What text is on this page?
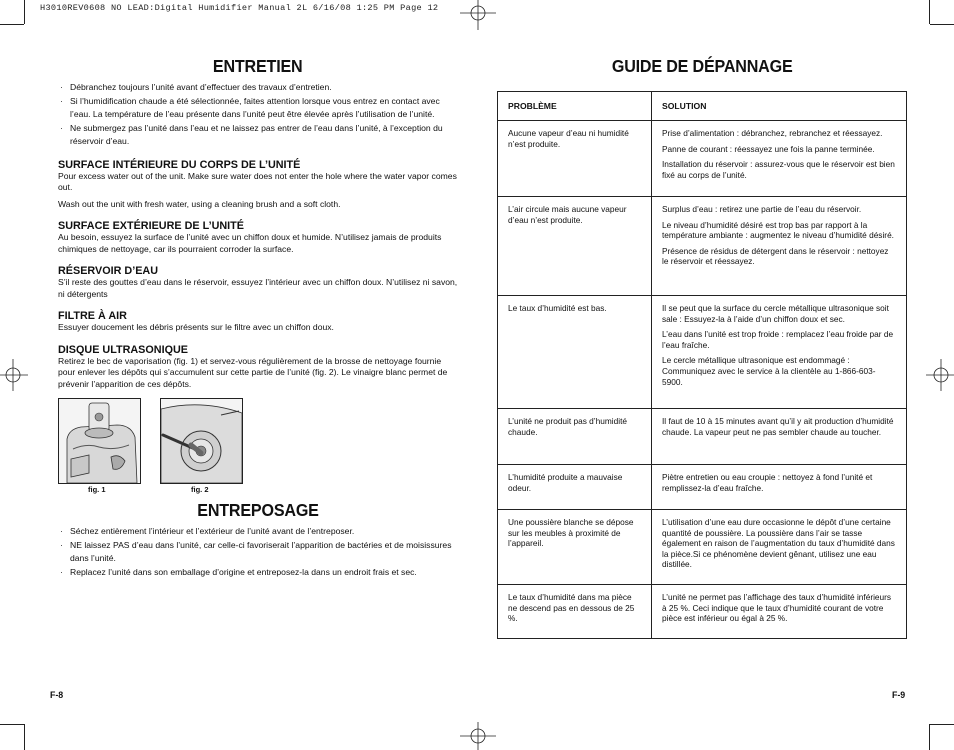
H3010REV0608 NO LEAD:Digital Humidifier Manual 2L 6/16/08 1:25 PM Page 12
ENTRETIEN
· Débranchez toujours l’unité avant d’effectuer des travaux d’entretien.
· Si l’humidification chaude a été sélectionnée, faites attention lorsque vous entrez en contact avec l’eau. La température de l’eau présente dans l’unité peut être élevée après l’utilisation de l’unité.
· Ne submergez pas l’unité dans l’eau et ne laissez pas entrer de l’eau dans l’unité, à l’exception du réservoir d’eau.
SURFACE INTÉRIEURE DU CORPS DE L’UNITÉ

Pour excess water out of the unit. Make sure water does not enter the hole where the water vapor comes out.

Wash out the unit with fresh water, using a cleaning brush and a soft cloth.

SURFACE EXTÉRIEURE DE L’UNITÉ

Au besoin, essuyez la surface de l’unité avec un chiffon doux et humide. N’utilisez jamais de produits chimiques de nettoyage, car ils pourraient corroder la surface.

RÉSERVOIR D’EAU

S’il reste des gouttes d’eau dans le réservoir, essuyez l’intérieur avec un chiffon doux. N’utilisez ni savon, ni détergents

FILTRE À AIR

Essuyer doucement les débris présents sur le filtre avec un chiffon doux.

DISQUE ULTRASONIQUE

Retirez le bec de vaporisation (fig. 1) et servez-vous régulièrement de la brosse de nettoyage fournie pour enlever les dépôts qui s’accumulent sur cette partie de l’unité (fig. 2). Le vinaigre blanc permet de prévenir l’apparition de ces dépôts.

fig. 1	fig. 2
ENTREPOSAGE
· Séchez entièrement l’intérieur et l’extérieur de l’unité avant de l’entreposer.
· NE laissez PAS d’eau dans l’unité, car celle-ci favoriserait l’apparition de bactéries et de moisissures dans l’unité.
· Replacez l’unité dans son emballage d’origine et entreposez-la dans un endroit frais et sec.
F-8
GUIDE DE DÉPANNAGE
PROBLÈME	SOLUTION

Aucune vapeur d’eau ni humidité n’est produite.	Prise d’alimentation : débranchez, rebranchez et réessayez.

Panne de courant : réessayez une fois la panne terminée.

Installation du réservoir : assurez-vous que le réservoir est bien fixé au corps de l’unité.

L’air circule mais aucune vapeur d’eau n’est produite.	Surplus d’eau : retirez une partie de l’eau du réservoir.

Le niveau d’humidité désiré est trop bas par rapport à la température ambiante : augmentez le niveau d’humidité désiré.

Présence de résidus de détergent dans le réservoir : nettoyez le réservoir et réessayez.

Le taux d’humidité est bas.	Il se peut que la surface du cercle métallique ultrasonique soit sale : Essuyez-la à l’aide d’un chiffon doux et sec.

L’eau dans l’unité est trop froide : remplacez l’eau froide par de l’eau fraîche.

Le cercle métallique ultrasonique est endommagé : Communiquez avec le service à la clientèle au 1-866-603-5900.

L’unité ne produit pas d’humidité chaude.	Il faut de 10 à 15 minutes avant qu’il y ait production d’humidité chaude. La vapeur peut ne pas sembler chaude au toucher.

L’humidité produite a mauvaise odeur.	Piètre entretien ou eau croupie : nettoyez à fond l’unité et remplissez-la d’eau fraîche.

Une poussière blanche se dépose sur les meubles à proximité de l’appareil.	L’utilisation d’une eau dure occasionne le dépôt d’une certaine quantité de poussière. La poussière dans l’air se tasse également en raison de l’augmentation du taux d’humidité dans la pièce.Si ce phénomène devient gênant, utilisez une eau distillée.

Le taux d’humidité dans ma pièce ne descend pas en dessous de 25 %.	L’unité ne permet pas l’affichage des taux d’humidité inférieurs à 25 %. Ceci indique que le taux d’humidité courant de votre pièce est inférieur ou égal à 25 %.

F-9
